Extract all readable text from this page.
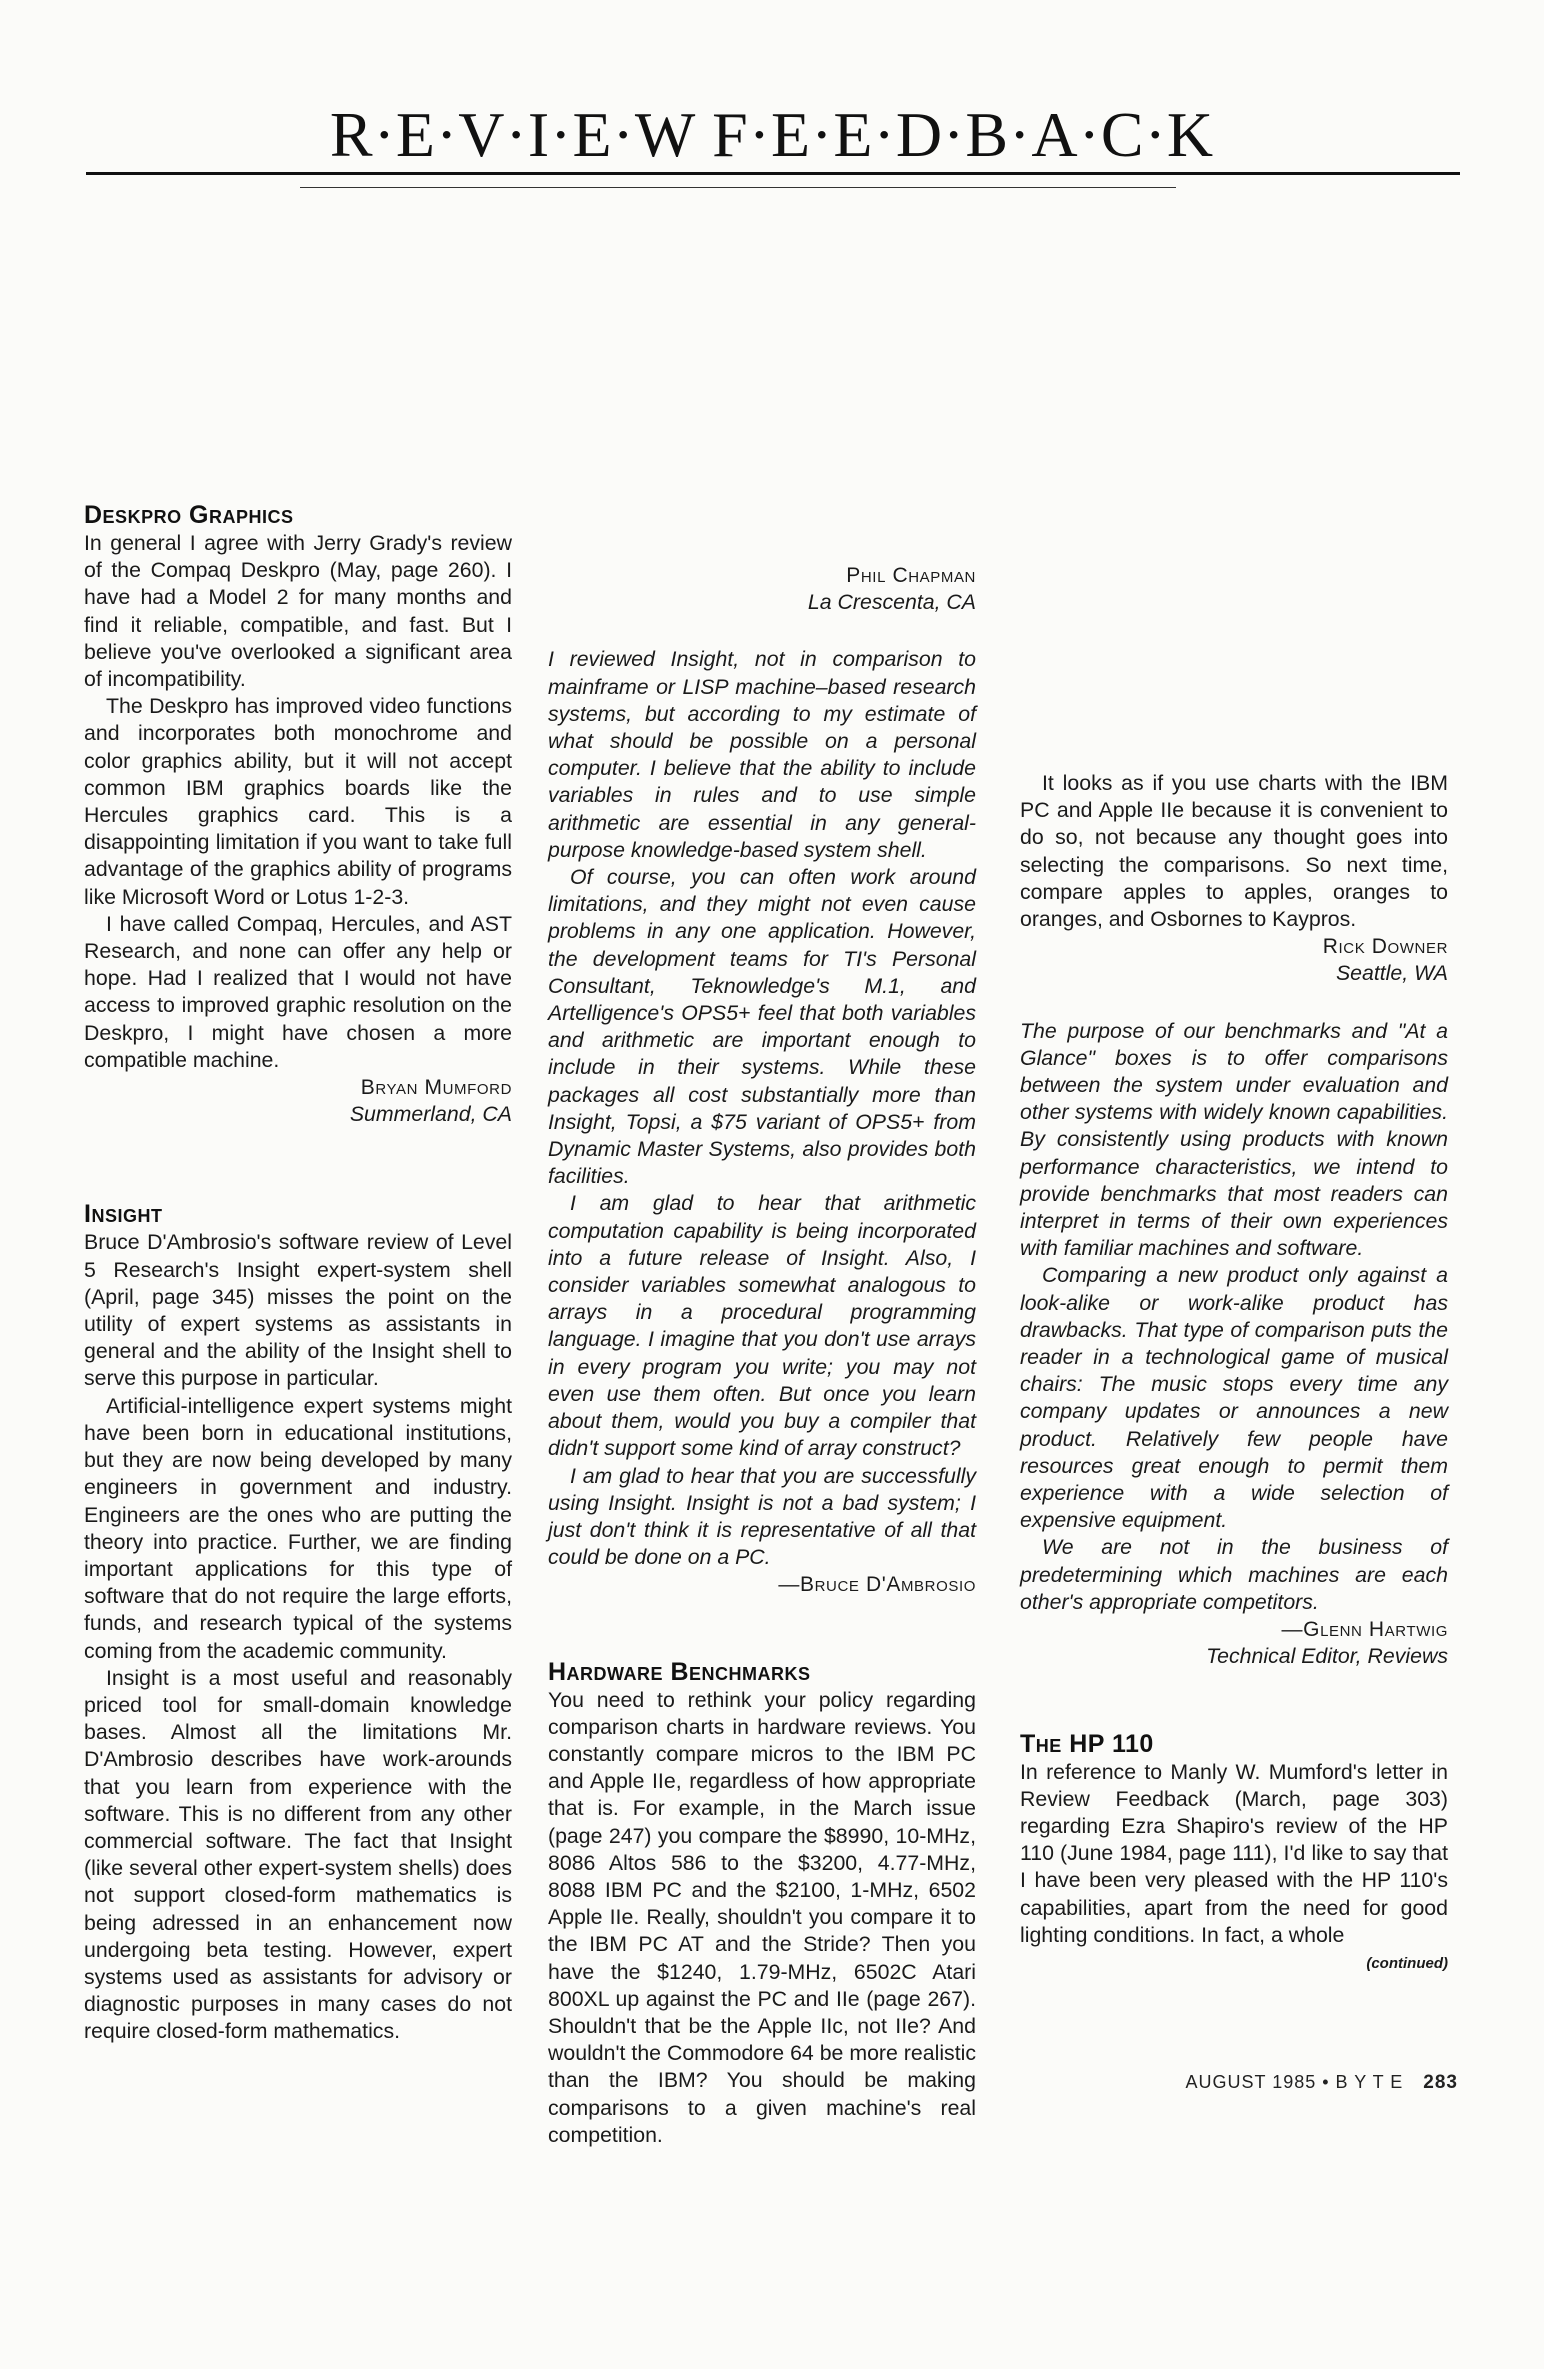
R·E·V·I·E·W F·E·E·D·B·A·C·K
Deskpro Graphics

In general I agree with Jerry Grady's review of the Compaq Deskpro (May, page 260). I have had a Model 2 for many months and find it reliable, compatible, and fast. But I believe you've overlooked a significant area of incompatibility.

The Deskpro has improved video functions and incorporates both monochrome and color graphics ability, but it will not accept common IBM graphics boards like the Hercules graphics card. This is a disappointing limitation if you want to take full advantage of the graphics ability of programs like Microsoft Word or Lotus 1-2-3.

I have called Compaq, Hercules, and AST Research, and none can offer any help or hope. Had I realized that I would not have access to improved graphic resolution on the Deskpro, I might have chosen a more compatible machine.

Bryan Mumford
Summerland, CA
Insight

Bruce D'Ambrosio's software review of Level 5 Research's Insight expert-system shell (April, page 345) misses the point on the utility of expert systems as assistants in general and the ability of the Insight shell to serve this purpose in particular.

Artificial-intelligence expert systems might have been born in educational institutions, but they are now being developed by many engineers in government and industry. Engineers are the ones who are putting the theory into practice. Further, we are finding important applications for this type of software that do not require the large efforts, funds, and research typical of the systems coming from the academic community.

Insight is a most useful and reasonably priced tool for small-domain knowledge bases. Almost all the limitations Mr. D'Ambrosio describes have work-arounds that you learn from experience with the software. This is no different from any other commercial software. The fact that Insight (like several other expert-system shells) does not support closed-form mathematics is being adressed in an enhancement now undergoing beta testing. However, expert systems used as assistants for advisory or diagnostic purposes in many cases do not require closed-form mathematics.

Phil Chapman
La Crescenta, CA

I reviewed Insight, not in comparison to mainframe or LISP machine–based research systems, but according to my estimate of what should be possible on a personal computer. I believe that the ability to include variables in rules and to use simple arithmetic are essential in any general-purpose knowledge-based system shell.

Of course, you can often work around limitations, and they might not even cause problems in any one application. However, the development teams for TI's Personal Consultant, Teknowledge's M.1, and Artelligence's OPS5+ feel that both variables and arithmetic are important enough to include in their systems. While these packages all cost substantially more than Insight, Topsi, a $75 variant of OPS5+ from Dynamic Master Systems, also provides both facilities.

I am glad to hear that arithmetic computation capability is being incorporated into a future release of Insight. Also, I consider variables somewhat analogous to arrays in a procedural programming language. I imagine that you don't use arrays in every program you write; you may not even use them often. But once you learn about them, would you buy a compiler that didn't support some kind of array construct?

I am glad to hear that you are successfully using Insight. Insight is not a bad system; I just don't think it is representative of all that could be done on a PC.

—Bruce D'Ambrosio
Hardware Benchmarks

You need to rethink your policy regarding comparison charts in hardware reviews. You constantly compare micros to the IBM PC and Apple IIe, regardless of how appropriate that is. For example, in the March issue (page 247) you compare the $8990, 10-MHz, 8086 Altos 586 to the $3200, 4.77-MHz, 8088 IBM PC and the $2100, 1-MHz, 6502 Apple IIe. Really, shouldn't you compare it to the IBM PC AT and the Stride? Then you have the $1240, 1.79-MHz, 6502C Atari 800XL up against the PC and IIe (page 267). Shouldn't that be the Apple IIc, not IIe? And wouldn't the Commodore 64 be more realistic than the IBM? You should be making comparisons to a given machine's real competition.

It looks as if you use charts with the IBM PC and Apple IIe because it is convenient to do so, not because any thought goes into selecting the comparisons. So next time, compare apples to apples, oranges to oranges, and Osbornes to Kaypros.

Rick Downer
Seattle, WA

The purpose of our benchmarks and "At a Glance" boxes is to offer comparisons between the system under evaluation and other systems with widely known capabilities. By consistently using products with known performance characteristics, we intend to provide benchmarks that most readers can interpret in terms of their own experiences with familiar machines and software.

Comparing a new product only against a look-alike or work-alike product has drawbacks. That type of comparison puts the reader in a technological game of musical chairs: The music stops every time any company updates or announces a new product. Relatively few people have resources great enough to permit them experience with a wide selection of expensive equipment.

We are not in the business of predetermining which machines are each other's appropriate competitors.

—Glenn Hartwig
Technical Editor, Reviews
The HP 110

In reference to Manly W. Mumford's letter in Review Feedback (March, page 303) regarding Ezra Shapiro's review of the HP 110 (June 1984, page 111), I'd like to say that I have been very pleased with the HP 110's capabilities, apart from the need for good lighting conditions. In fact, a whole

(continued)
AUGUST 1985 • B Y T E 283
